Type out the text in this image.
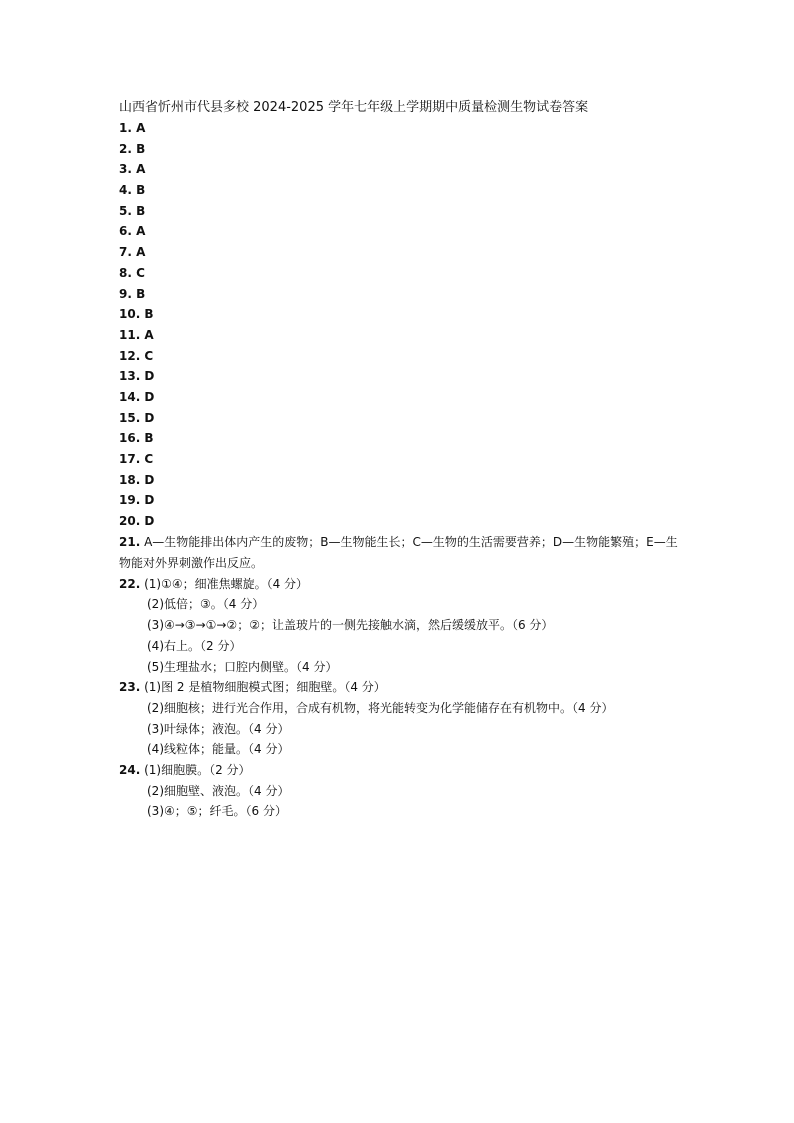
山西省忻州市代县多校 2024-2025 学年七年级上学期期中质量检测生物试卷答案
1. A
2. B
3. A
4. B
5. B
6. A
7. A
8. C
9. B
10. B
11. A
12. C
13. D
14. D
15. D
16. B
17. C
18. D
19. D
20. D
21. A—生物能排出体内产生的废物；B—生物能生长；C—生物的生活需要营养；D—生物能繁殖；E—生物能对外界刺激作出反应。
22. (1)①④；细准焦螺旋。（4 分）
(2)低倍；③。（4 分）
(3)④→③→①→②；②；让盖玻片的一侧先接触水滴，然后缓缓放平。（6 分）
(4)右上。（2 分）
(5)生理盐水；口腔内侧壁。（4 分）
23. (1)图 2 是植物细胞模式图；细胞壁。（4 分）
(2)细胞核；进行光合作用，合成有机物，将光能转变为化学能储存在有机物中。（4 分）
(3)叶绿体；液泡。（4 分）
(4)线粒体；能量。（4 分）
24. (1)细胞膜。（2 分）
(2)细胞壁、液泡。（4 分）
(3)④；⑤；纤毛。（6 分）
